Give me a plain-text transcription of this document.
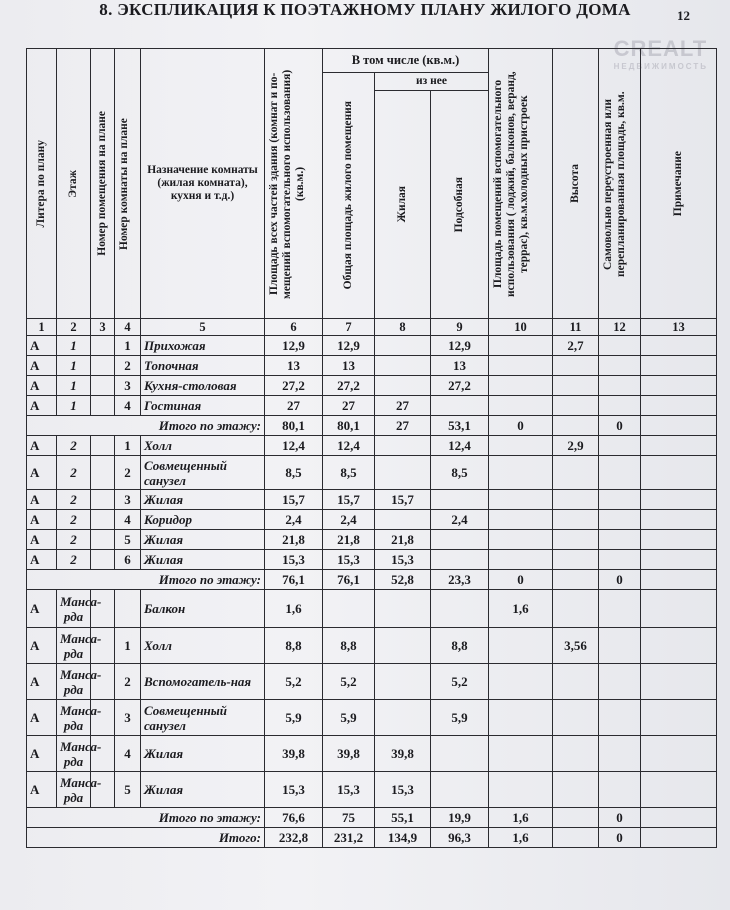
8. ЭКСПЛИКАЦИЯ К ПОЭТАЖНОМУ ПЛАНУ ЖИЛОГО ДОМА	12
CREALT
НЕДВИЖИМОСТЬ
Литера по плану	Этаж	Номер помещения на плане	Номер комнаты на плане	Назначение комнаты (жилая комната), кухня и т.д.)	Площадь всех частей здания (комнат и по-мещений вспомогательного использования) (кв.м.)	В том числе (кв.м.)			Площадь помещений вспомогательного использования ( лоджий, балконов, веранд, террас), кв.м.холодных пристроек	Высота	Самовольно переустроенная или перепланированная площадь, кв.м.	Примечание

						Общая площадь жилого помещения	из нее					

							Жилая	Подсобная				

1	2	3	4	5	6	7	8	9	10	11	12	13
А	1		1	Прихожая	12,9	12,9		12,9		2,7		
А	1		2	Топочная	13	13		13				
А	1		3	Кухня-столовая	27,2	27,2		27,2				
А	1		4	Гостиная	27	27	27					
Итого по этажу:					80,1	80,1	27	53,1	0		0	
А	2		1	Холл	12,4	12,4		12,4		2,9		
А	2		2	Совмещенный санузел	8,5	8,5		8,5				
А	2		3	Жилая	15,7	15,7	15,7					
А	2		4	Коридор	2,4	2,4		2,4				
А	2		5	Жилая	21,8	21,8	21,8					
А	2		6	Жилая	15,3	15,3	15,3					
Итого по этажу:					76,1	76,1	52,8	23,3	0		0	
А	Манса-рда			Балкон	1,6				1,6			
А	Манса-рда		1	Холл	8,8	8,8		8,8		3,56		
А	Манса-рда		2	Вспомогатель-ная	5,2	5,2		5,2				
А	Манса-рда		3	Совмещенный санузел	5,9	5,9		5,9				
А	Манса-рда		4	Жилая	39,8	39,8	39,8					
А	Манса-рда		5	Жилая	15,3	15,3	15,3					
Итого по этажу:					76,6	75	55,1	19,9	1,6		0	
Итого:					232,8	231,2	134,9	96,3	1,6		0	
